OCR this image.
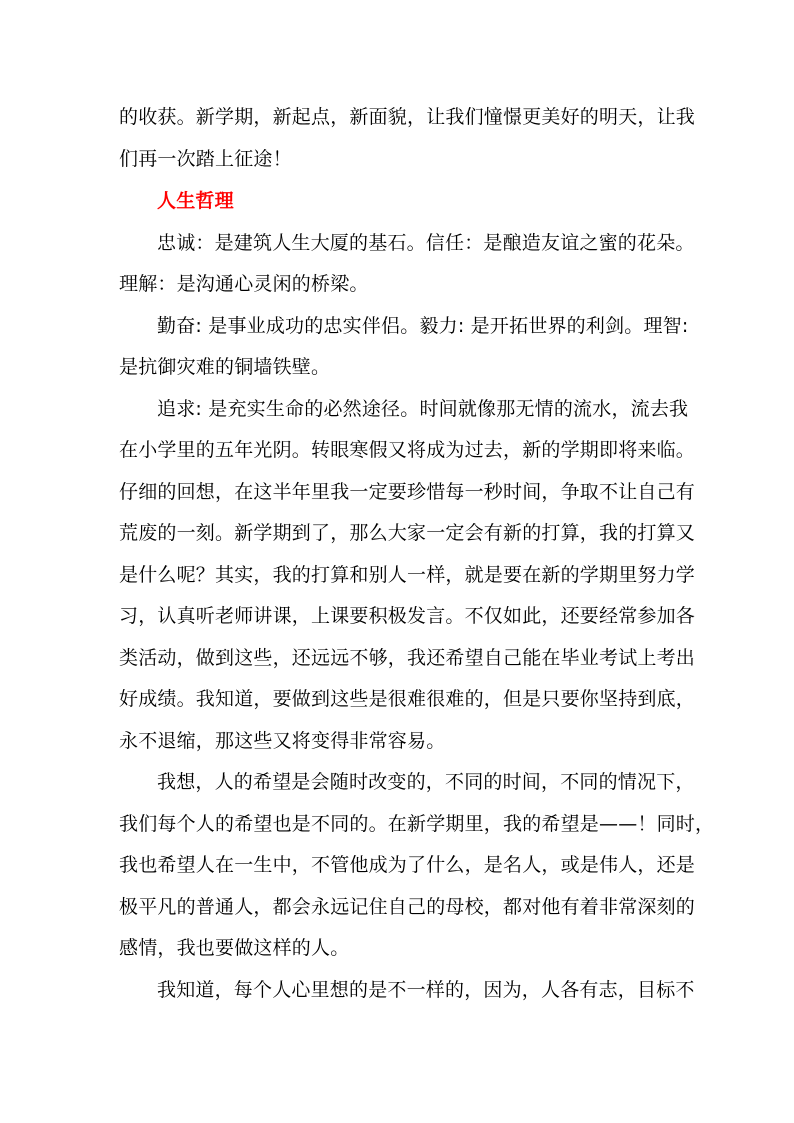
的收获。新学期，新起点，新面貌，让我们憧憬更美好的明天，让我
们再一次踏上征途！
人生哲理
忠诚：是建筑人生大厦的基石。信任：是酿造友谊之蜜的花朵。
理解：是沟通心灵闲的桥梁。
勤奋: 是事业成功的忠实伴侣。毅力: 是开拓世界的利剑。理智:
是抗御灾难的铜墙铁壁。
追求: 是充实生命的必然途径。时间就像那无情的流水，流去我
在小学里的五年光阴。转眼寒假又将成为过去，新的学期即将来临。
仔细的回想，在这半年里我一定要珍惜每一秒时间，争取不让自己有
荒废的一刻。新学期到了，那么大家一定会有新的打算，我的打算又
是什么呢？其实，我的打算和别人一样，就是要在新的学期里努力学
习，认真听老师讲课，上课要积极发言。不仅如此，还要经常参加各
类活动，做到这些，还远远不够，我还希望自己能在毕业考试上考出
好成绩。我知道，要做到这些是很难很难的，但是只要你坚持到底，
永不退缩，那这些又将变得非常容易。
我想，人的希望是会随时改变的，不同的时间，不同的情况下，
我们每个人的希望也是不同的。在新学期里，我的希望是——！同时，
我也希望人在一生中，不管他成为了什么，是名人，或是伟人，还是
极平凡的普通人，都会永远记住自己的母校，都对他有着非常深刻的
感情，我也要做这样的人。
我知道，每个人心里想的是不一样的，因为，人各有志，目标不
